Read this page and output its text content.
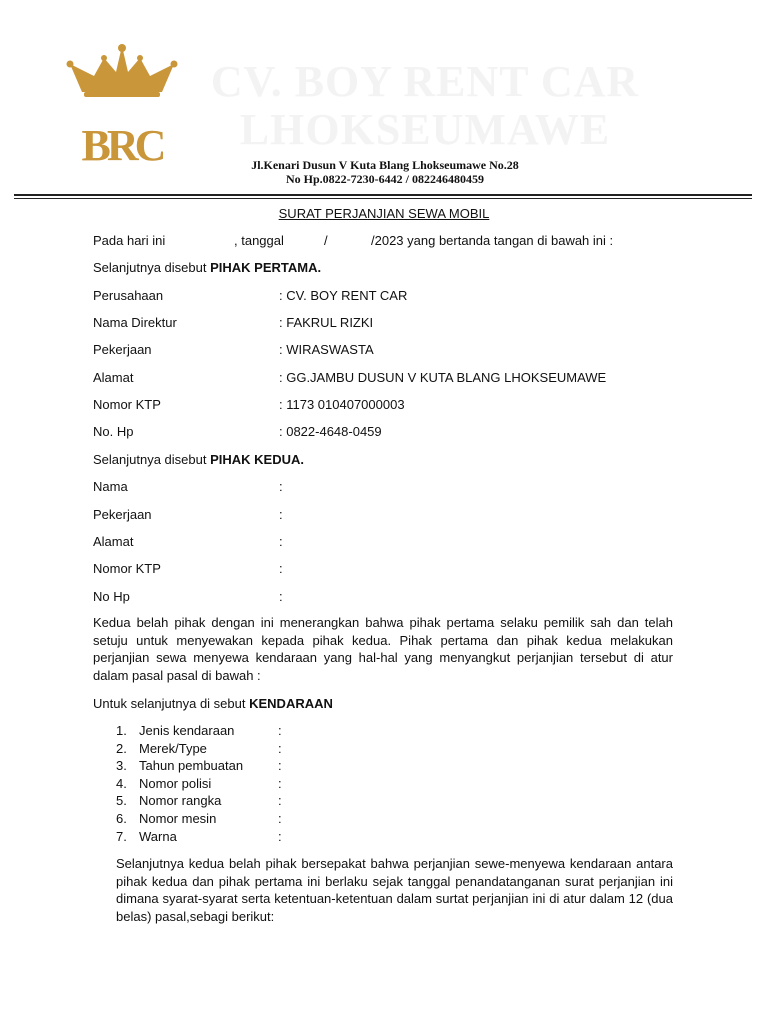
BRC
CV. BOY RENT CAR
LHOKSEUMAWE
Jl.Kenari Dusun V Kuta Blang Lhokseumawe No.28
No Hp.0822-7230-6442 / 082246480459
SURAT PERJANJIAN SEWA MOBIL
Pada hari ini	, tanggal	/	/2023 yang bertanda tangan di bawah ini :
Selanjutnya disebut PIHAK PERTAMA.
Perusahaan	: CV. BOY RENT CAR
Nama Direktur	: FAKRUL RIZKI
Pekerjaan	: WIRASWASTA
Alamat	: GG.JAMBU DUSUN V KUTA BLANG LHOKSEUMAWE
Nomor KTP	: 1173 010407000003
No. Hp	: 0822-4648-0459
Selanjutnya disebut PIHAK KEDUA.
Nama	:
Pekerjaan	:
Alamat	:
Nomor KTP	:
No Hp	:
Kedua belah pihak dengan ini menerangkan bahwa pihak pertama selaku pemilik sah dan telah setuju untuk menyewakan kepada pihak kedua. Pihak pertama dan pihak kedua melakukan perjanjian sewa menyewa kendaraan yang hal-hal yang menyangkut perjanjian tersebut di atur dalam pasal pasal di bawah :
Untuk selanjutnya di sebut KENDARAAN
1. Jenis kendaraan	:
2. Merek/Type	:
3. Tahun pembuatan	:
4. Nomor polisi	:
5. Nomor rangka	:
6. Nomor mesin	:
7. Warna	:
Selanjutnya kedua belah pihak bersepakat bahwa perjanjian sewe-menyewa kendaraan antara pihak kedua dan pihak pertama ini berlaku sejak tanggal penandatanganan surat perjanjian ini dimana syarat-syarat serta ketentuan-ketentuan dalam surtat perjanjian ini di atur dalam 12 (dua belas) pasal,sebagi berikut:
